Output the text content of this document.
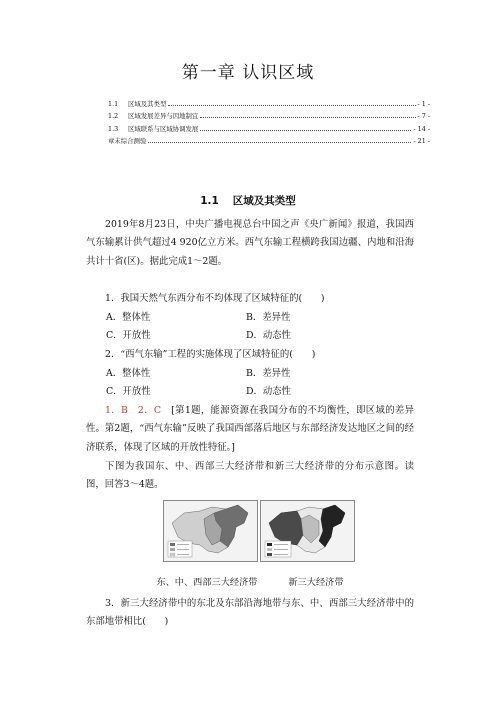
第一章 认识区域
1.1	区域及其类型	- 1 -
1.2	区域发展差异与因地制宜	- 7 -
1.3	区域联系与区域协调发展	- 14 -
章末综合测验	- 21 -
1.1 区域及其类型
2019年8月23日，中央广播电视总台中国之声《央广新闻》报道，我国西气东输累计供气超过4 920亿立方米。西气东输工程横跨我国边疆、内地和沿海共计十省(区)。据此完成1～2题。
1．我国天然气东西分布不均体现了区域特征的(　　)
A．整体性	B．差异性
C．开放性	D．动态性
2．“西气东输”工程的实施体现了区域特征的(　　)
A．整体性	B．差异性
C．开放性	D．动态性
1．B　2．C　 [第1题，能源资源在我国分布的不均衡性，即区域的差异性。第2题，“西气东输”反映了我国西部落后地区与东部经济发达地区之间的经济联系，体现了区域的开放性特征。]
下图为我国东、中、西部三大经济带和新三大经济带的分布示意图。读图，回答3～4题。
东、中、西部三大经济带	新三大经济带
3．新三大经济带中的东北及东部沿海地带与东、中、西部三大经济带中的东部地带相比(　　)
